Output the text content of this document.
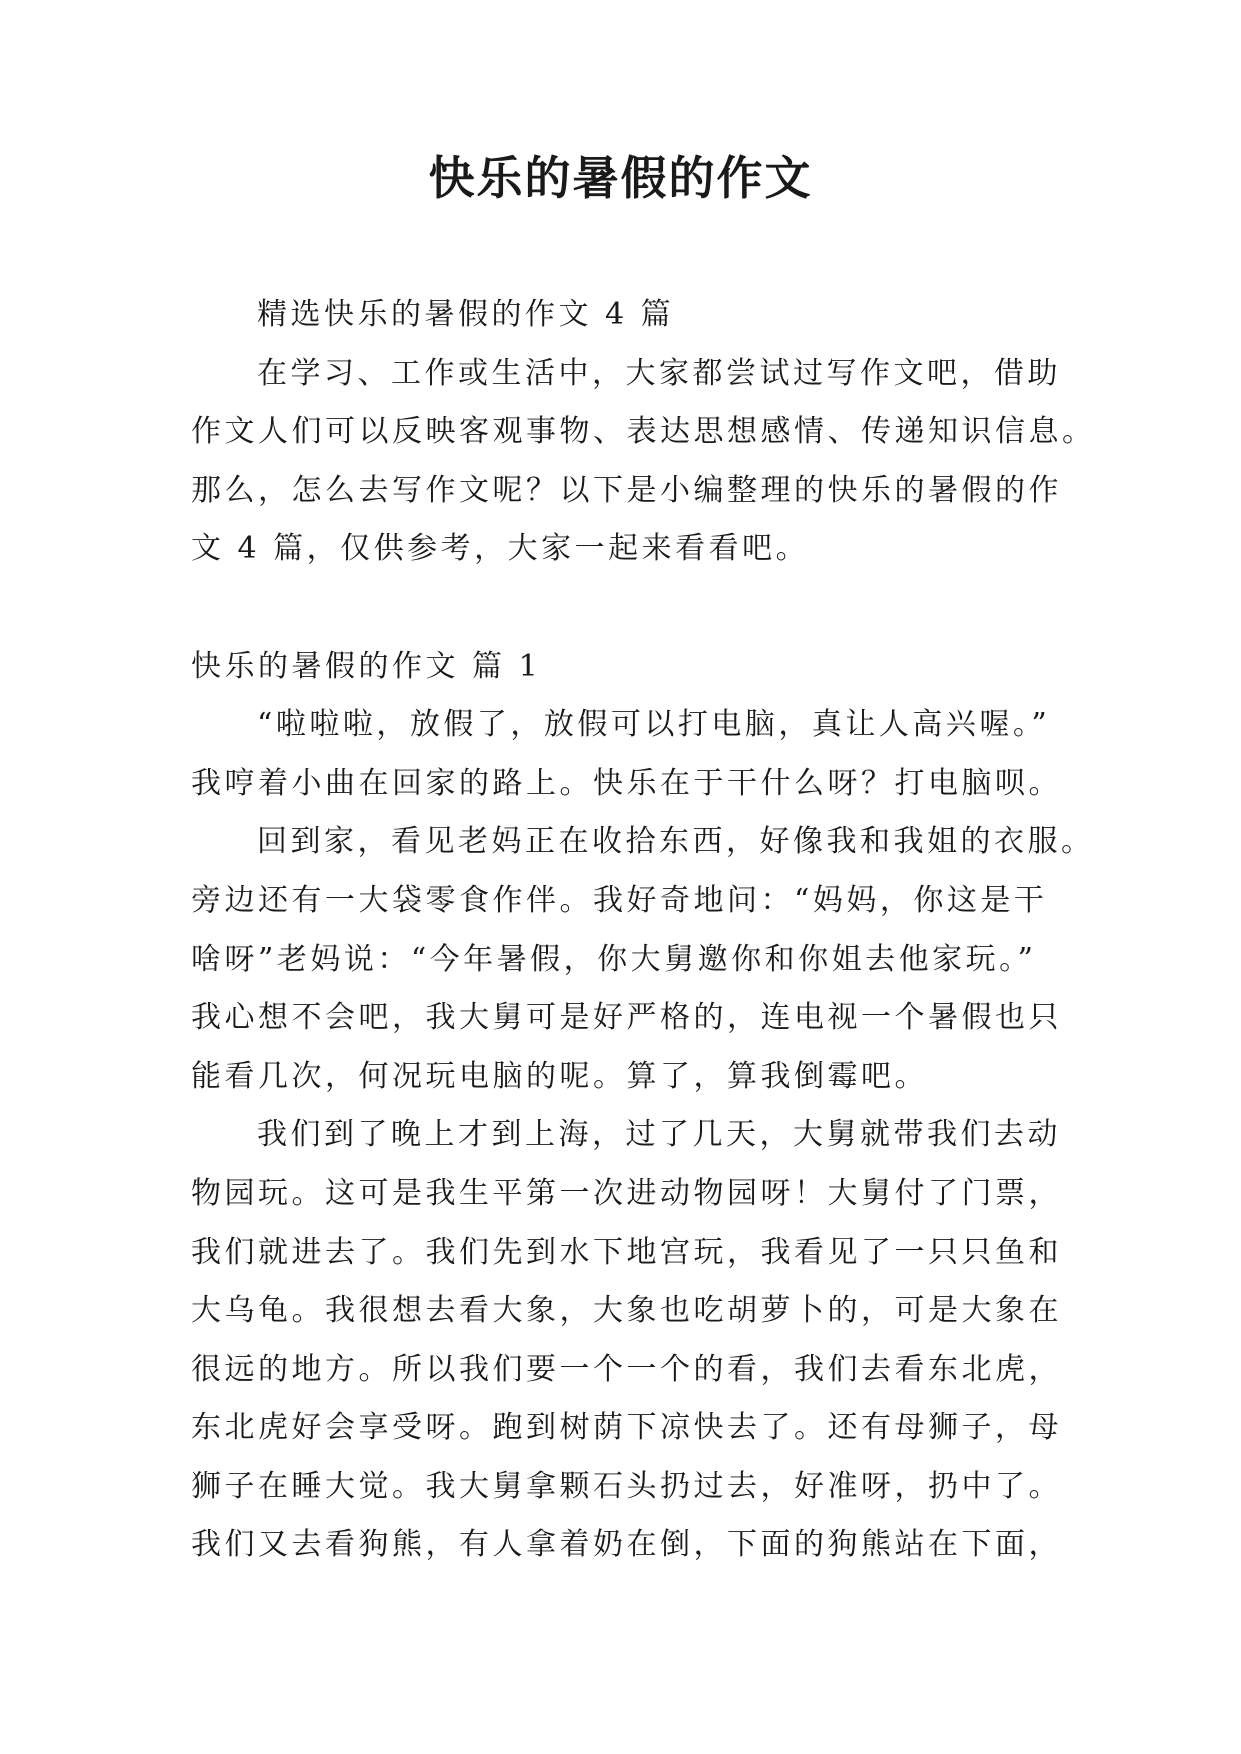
快乐的暑假的作文
精选快乐的暑假的作文 4 篇
在学习、工作或生活中，大家都尝试过写作文吧，借助
作文人们可以反映客观事物、表达思想感情、传递知识信息。
那么，怎么去写作文呢？以下是小编整理的快乐的暑假的作
文 4 篇，仅供参考，大家一起来看看吧。
快乐的暑假的作文 篇 1
“啦啦啦，放假了，放假可以打电脑，真让人高兴喔。”
我哼着小曲在回家的路上。快乐在于干什么呀？打电脑呗。
回到家，看见老妈正在收拾东西，好像我和我姐的衣服。
旁边还有一大袋零食作伴。我好奇地问：“妈妈，你这是干
啥呀”老妈说：“今年暑假，你大舅邀你和你姐去他家玩。”
我心想不会吧，我大舅可是好严格的，连电视一个暑假也只
能看几次，何况玩电脑的呢。算了，算我倒霉吧。
我们到了晚上才到上海，过了几天，大舅就带我们去动
物园玩。这可是我生平第一次进动物园呀！大舅付了门票，
我们就进去了。我们先到水下地宫玩，我看见了一只只鱼和
大乌龟。我很想去看大象，大象也吃胡萝卜的，可是大象在
很远的地方。所以我们要一个一个的看，我们去看东北虎，
东北虎好会享受呀。跑到树荫下凉快去了。还有母狮子，母
狮子在睡大觉。我大舅拿颗石头扔过去，好准呀，扔中了。
我们又去看狗熊，有人拿着奶在倒，下面的狗熊站在下面，
